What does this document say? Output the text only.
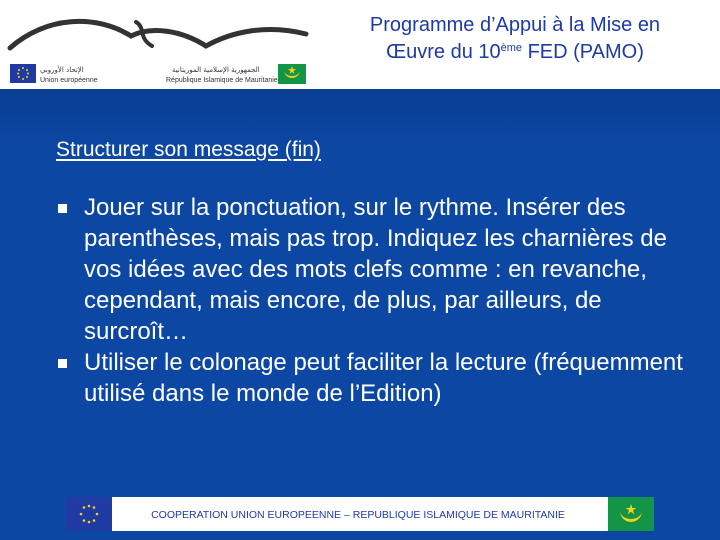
الإتحاد الأوروبي
Union européenne
الجمهورية الإسلامية الموريتانية
République Islamique de Mauritanie
Programme d’Appui à la Mise en
Œuvre du 10ème FED (PAMO)
Structurer son message (fin)
Jouer sur la ponctuation, sur le rythme. Insérer des parenthèses, mais pas trop. Indiquez les charnières de vos idées avec des mots clefs comme : en revanche, cependant, mais encore, de plus, par ailleurs, de surcroît…
Utiliser le colonage peut faciliter la lecture (fréquemment utilisé dans le monde de l’Edition)
COOPERATION UNION EUROPEENNE – REPUBLIQUE ISLAMIQUE DE MAURITANIE
